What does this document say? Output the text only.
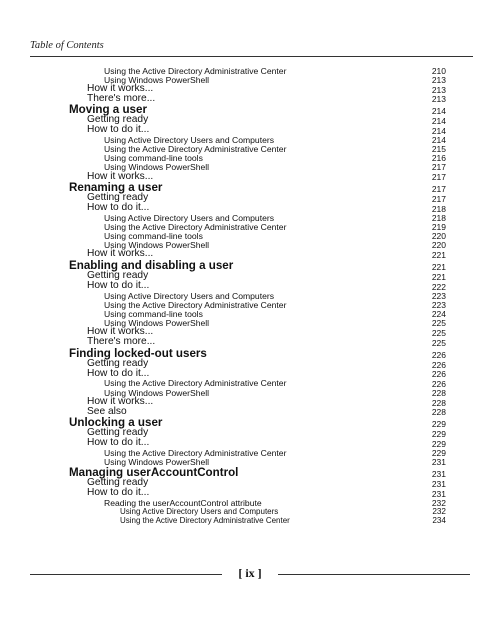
Table of Contents
Using the Active Directory Administrative Center	210
Using Windows PowerShell	213
How it works...	213
There's more...	213
Moving a user	214
Getting ready	214
How to do it...	214
Using Active Directory Users and Computers	214
Using the Active Directory Administrative Center	215
Using command-line tools	216
Using Windows PowerShell	217
How it works...	217
Renaming a user	217
Getting ready	217
How to do it...	218
Using Active Directory Users and Computers	218
Using the Active Directory Administrative Center	219
Using command-line tools	220
Using Windows PowerShell	220
How it works...	221
Enabling and disabling a user	221
Getting ready	221
How to do it...	222
Using Active Directory Users and Computers	223
Using the Active Directory Administrative Center	223
Using command-line tools	224
Using Windows PowerShell	225
How it works...	225
There's more...	225
Finding locked-out users	226
Getting ready	226
How to do it...	226
Using the Active Directory Administrative Center	226
Using Windows PowerShell	228
How it works...	228
See also	228
Unlocking a user	229
Getting ready	229
How to do it...	229
Using the Active Directory Administrative Center	229
Using Windows PowerShell	231
Managing userAccountControl	231
Getting ready	231
How to do it...	231
Reading the userAccountControl attribute	232
Using Active Directory Users and Computers	232
Using the Active Directory Administrative Center	234
[ ix ]
